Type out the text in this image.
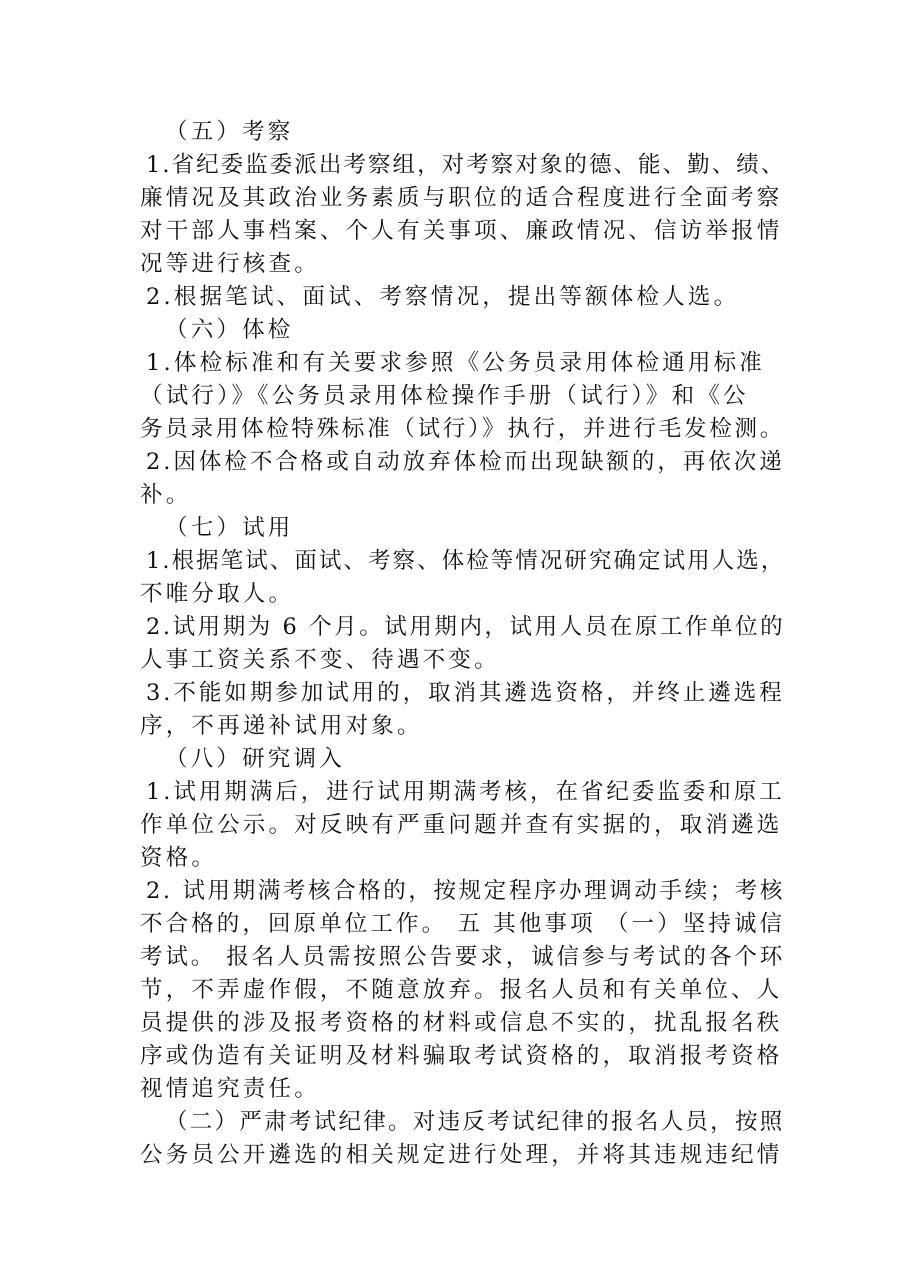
（五）考察
1.省纪委监委派出考察组，对考察对象的德、能、勤、绩、
廉情况及其政治业务素质与职位的适合程度进行全面考察
对干部人事档案、个人有关事项、廉政情况、信访举报情
况等进行核查。
2.根据笔试、面试、考察情况，提出等额体检人选。
（六）体检
1.体检标准和有关要求参照《公务员录用体检通用标准
（试行）》《公务员录用体检操作手册（试行）》和《公
务员录用体检特殊标准（试行）》执行，并进行毛发检测。
2.因体检不合格或自动放弃体检而出现缺额的，再依次递
补。
（七）试用
1.根据笔试、面试、考察、体检等情况研究确定试用人选，
不唯分取人。
2.试用期为 6 个月。试用期内，试用人员在原工作单位的
人事工资关系不变、待遇不变。
3.不能如期参加试用的，取消其遴选资格，并终止遴选程
序，不再递补试用对象。
（八）研究调入
1.试用期满后，进行试用期满考核，在省纪委监委和原工
作单位公示。对反映有严重问题并查有实据的，取消遴选
资格。
2. 试用期满考核合格的，按规定程序办理调动手续；考核
不合格的，回原单位工作。 五 其他事项 （一）坚持诚信
考试。 报名人员需按照公告要求，诚信参与考试的各个环
节，不弄虚作假，不随意放弃。报名人员和有关单位、人
员提供的涉及报考资格的材料或信息不实的，扰乱报名秩
序或伪造有关证明及材料骗取考试资格的，取消报考资格
视情追究责任。
（二）严肃考试纪律。对违反考试纪律的报名人员，按照
公务员公开遴选的相关规定进行处理，并将其违规违纪情
